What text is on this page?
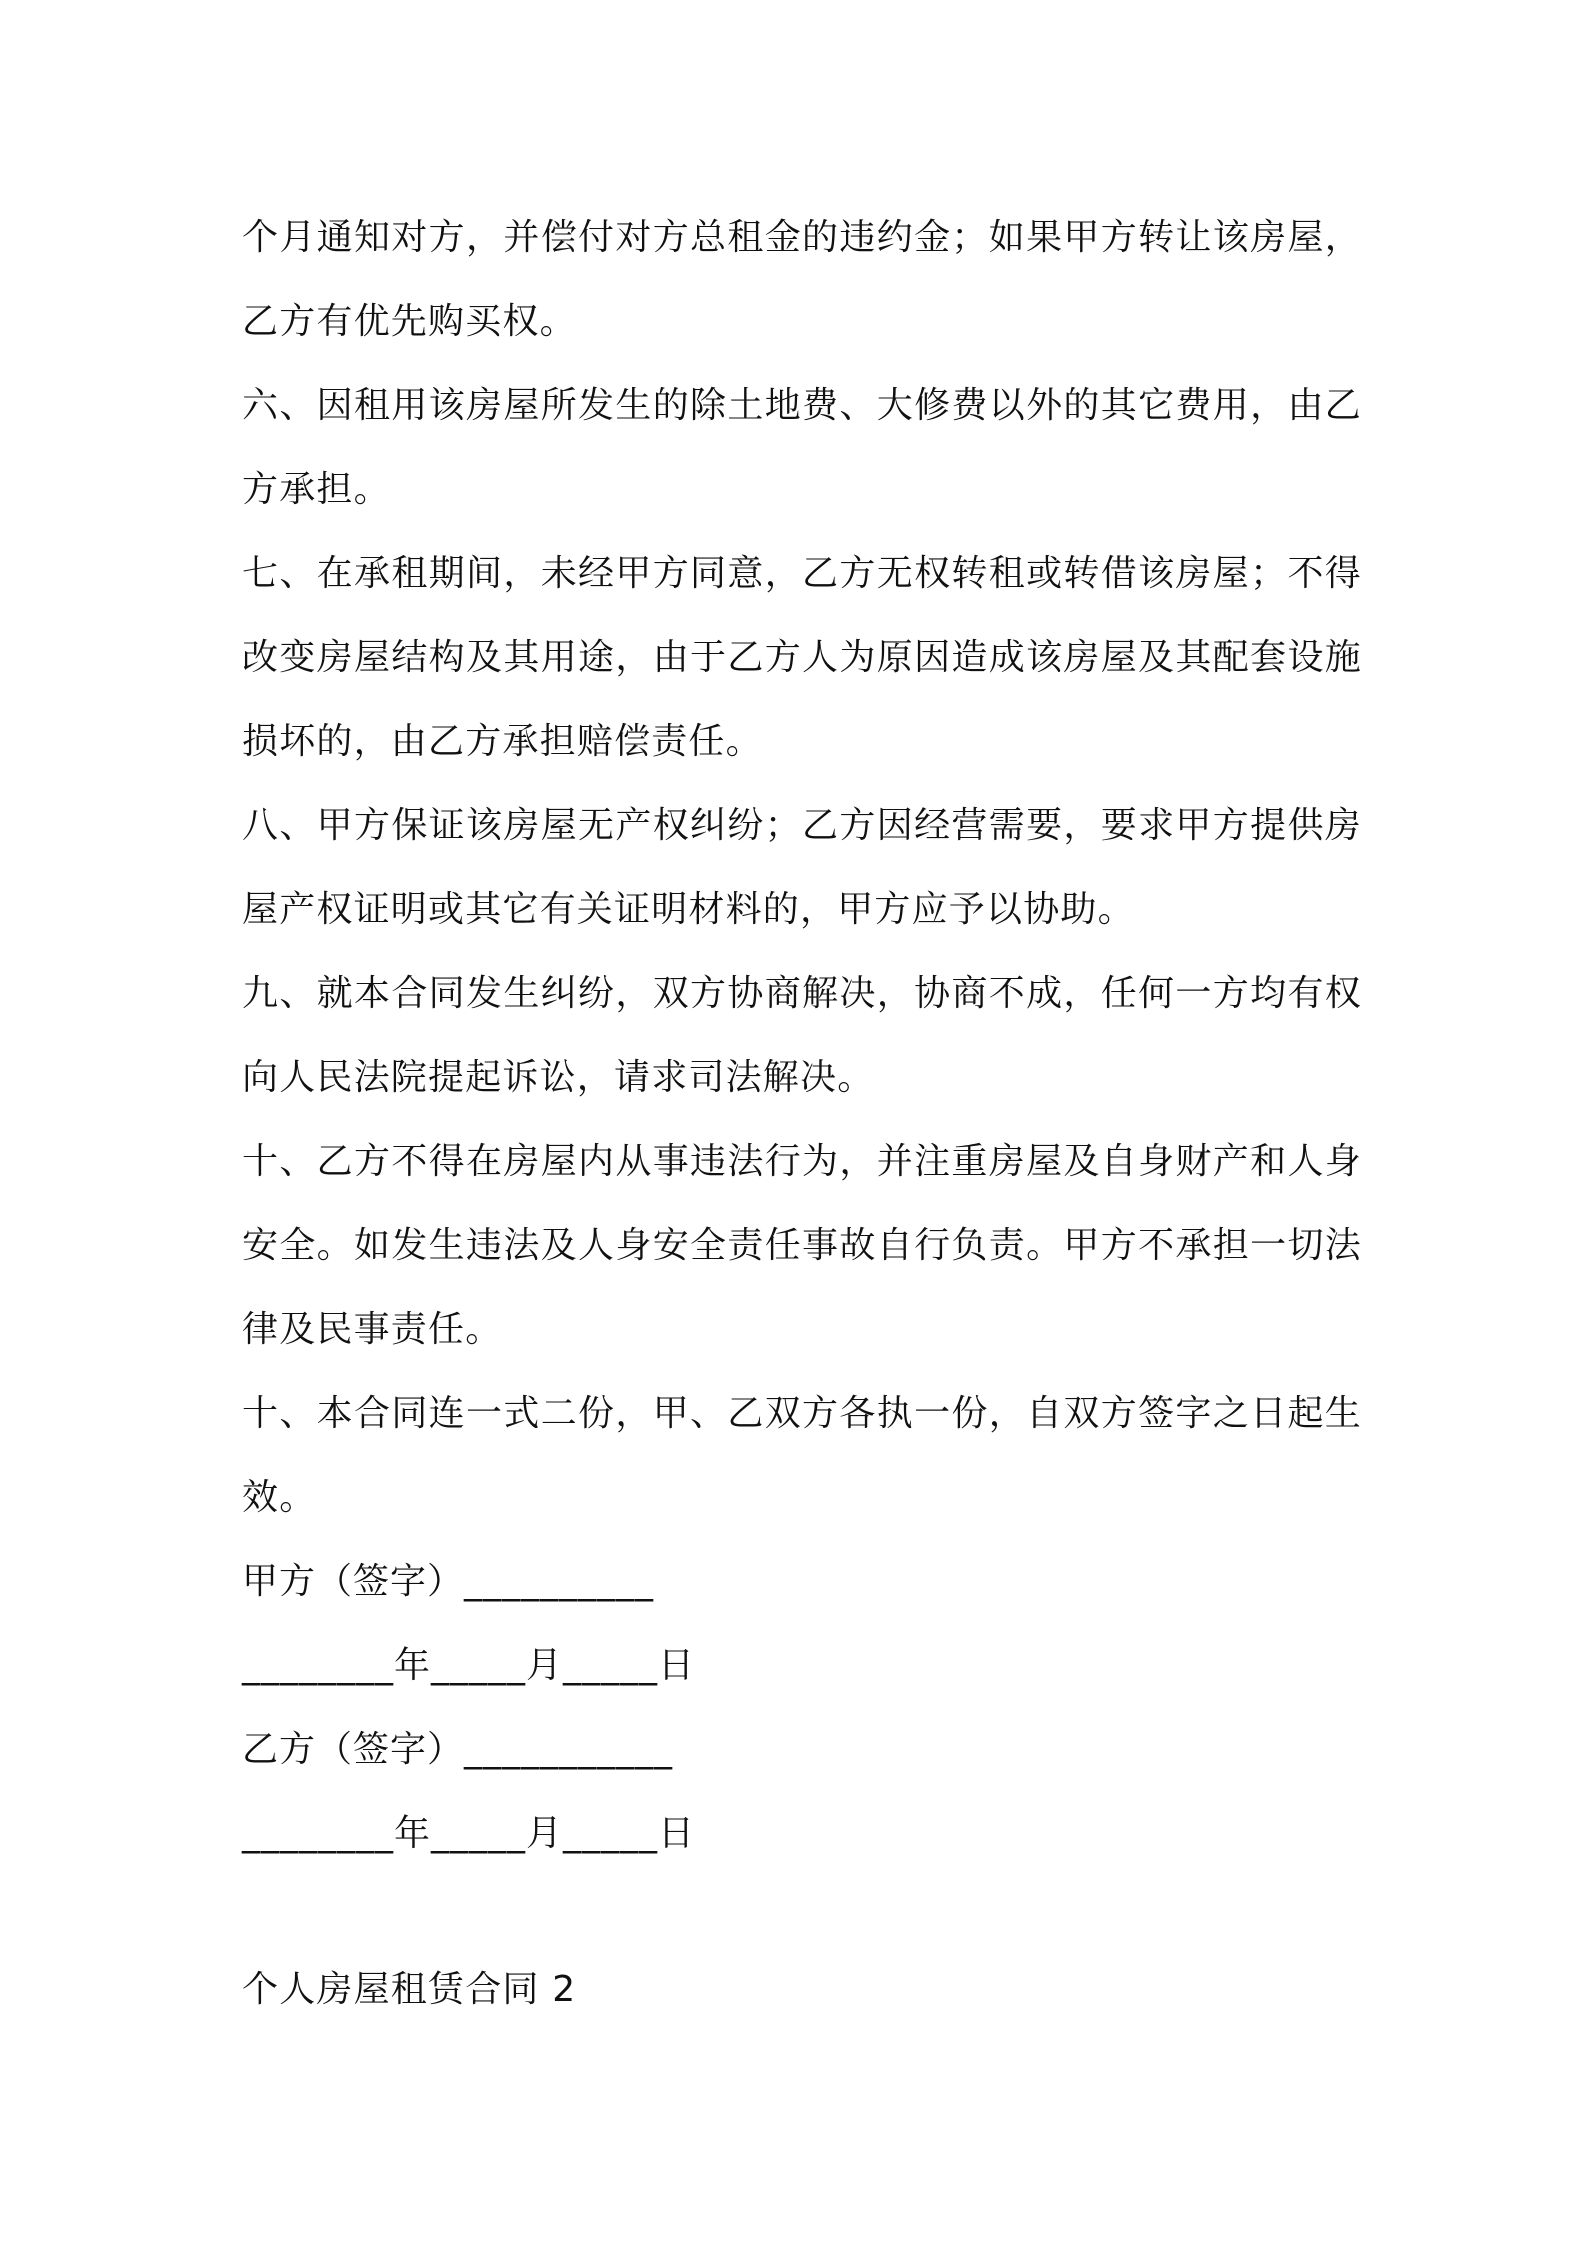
个月通知对方，并偿付对方总租金的违约金；如果甲方转让该房屋，乙方有优先购买权。

六、因租用该房屋所发生的除土地费、大修费以外的其它费用，由乙方承担。

七、在承租期间，未经甲方同意，乙方无权转租或转借该房屋；不得改变房屋结构及其用途，由于乙方人为原因造成该房屋及其配套设施损坏的，由乙方承担赔偿责任。

八、甲方保证该房屋无产权纠纷；乙方因经营需要，要求甲方提供房屋产权证明或其它有关证明材料的，甲方应予以协助。

九、就本合同发生纠纷，双方协商解决，协商不成，任何一方均有权向人民法院提起诉讼，请求司法解决。

十、乙方不得在房屋内从事违法行为，并注重房屋及自身财产和人身安全。如发生违法及人身安全责任事故自行负责。甲方不承担一切法律及民事责任。

十、本合同连一式二份，甲、乙双方各执一份，自双方签字之日起生效。

甲方（签字）__________

________年_____月_____日

乙方（签字）___________

________年_____月_____日

个人房屋租赁合同 2
